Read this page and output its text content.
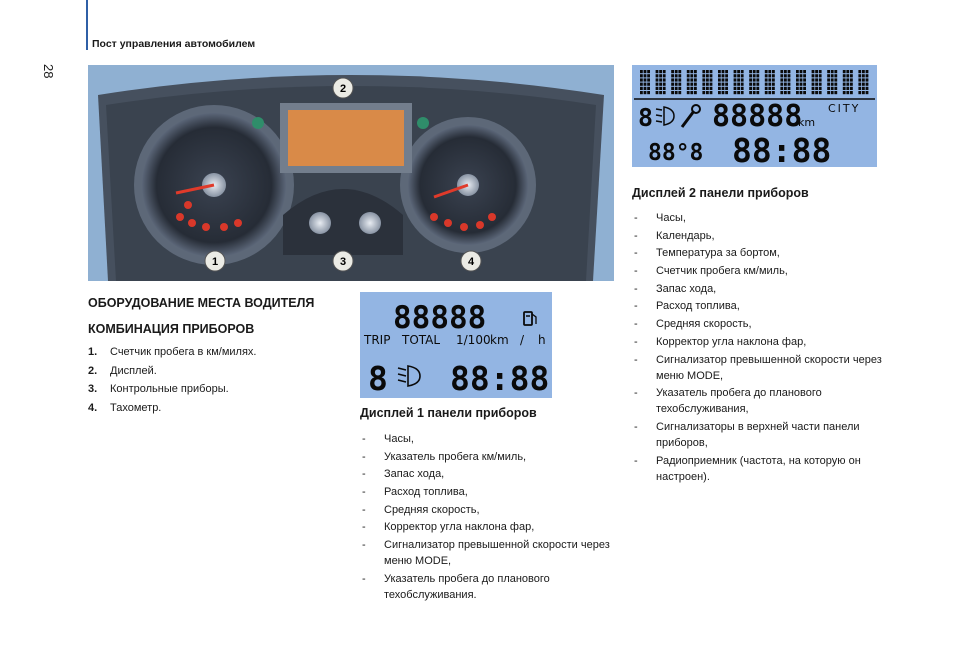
Пост управления автомобилем
28
2
1	3	4
88888
TRIP TOTAL 1/100 km / h
8 88:88
8 88888
km
CITY
88°8 88:88
ОБОРУДОВАНИЕ МЕСТА ВОДИТЕЛЯ
КОМБИНАЦИЯ ПРИБОРОВ
1. Счетчик пробега в км/милях.
2. Дисплей.
3. Контрольные приборы.
4. Тахометр.	Дисплей 1 панели приборов
- Часы,
- Указатель пробега км/миль,
- Запас хода,
- Расход топлива,
- Средняя скорость,
- Корректор угла наклона фар,
- Сигнализатор превышенной скорости через меню MODE,
- Указатель пробега до планового техобслуживания.
Дисплей 2 панели приборов
- Часы,
- Календарь,
- Температура за бортом,
- Счетчик пробега км/миль,
- Запас хода,
- Расход топлива,
- Средняя скорость,
- Корректор угла наклона фар,
- Сигнализатор превышенной скорости через меню MODE,
- Указатель пробега до планового техобслуживания,
- Сигнализаторы в верхней части панели приборов,
- Радиоприемник (частота, на которую он настроен).
